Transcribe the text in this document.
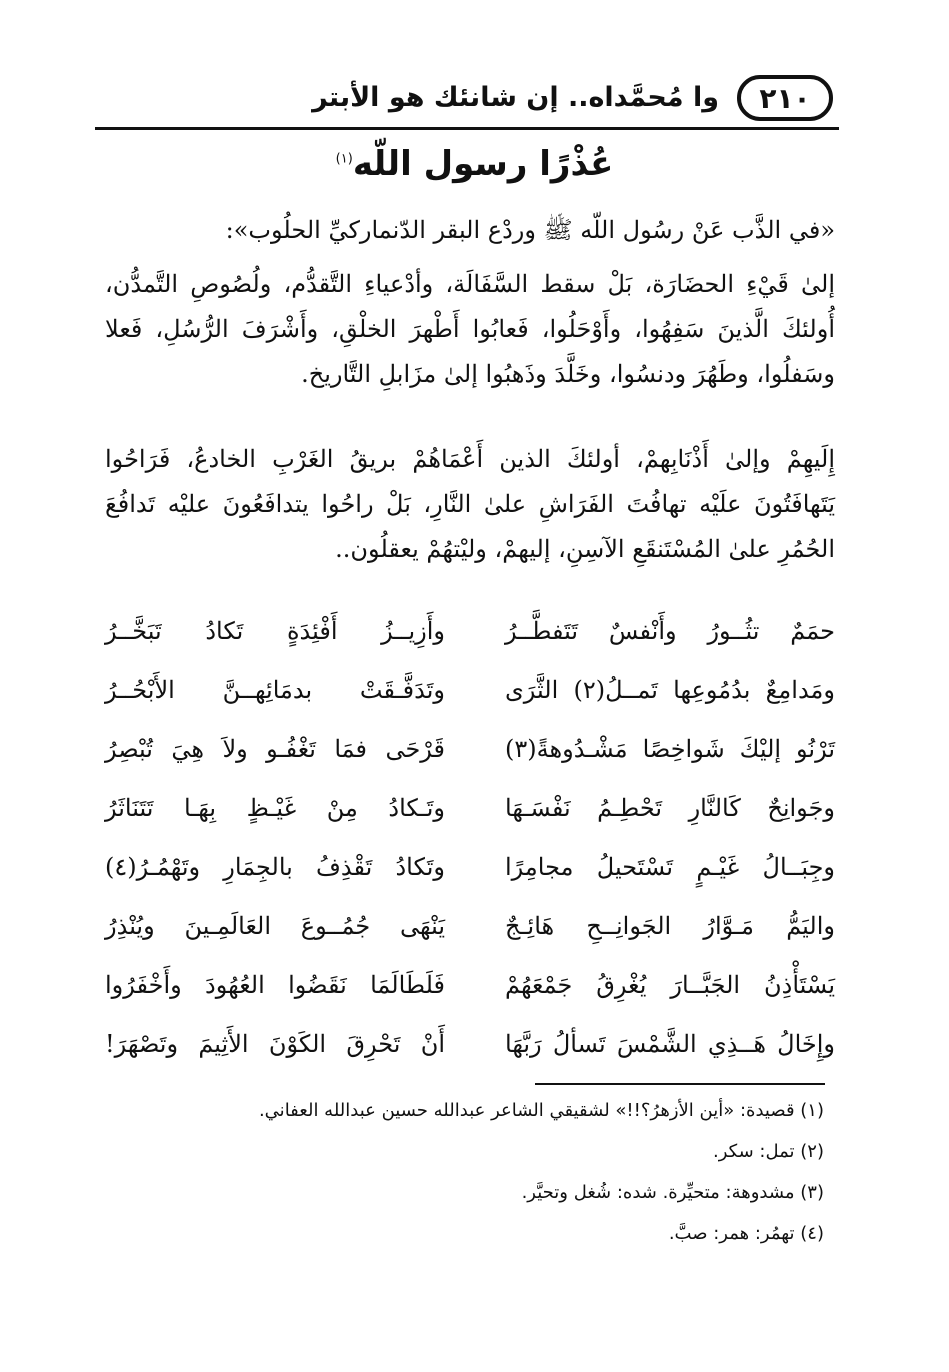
٢١٠
وا مُحمَّداه.. إن شانئك هو الأبتر
عُذْرًا رسول اللّه$^{(١)}$
«في الذَّب عَنْ رسُول اللّه ﷺ وردْع البقر الدّنماركيِّ الحلُوب»:
إلىٰ قَيْءِ الحضَارَة، بَلْ سقط السَّفَالَة، وأدْعياءِ التَّقدُّم، ولُصُوصِ التَّمدُّن، أُولئكَ الَّذينَ سَفِهُوا، وأَوْحَلُوا، فَعابُوا أَطْهرَ الخلْقِ، وأَشْرَفَ الرُّسُلِ، فَعلا وسَفلُوا، وطَهُرَ ودنسُوا، وخَلَّدَ وذَهبُوا إلىٰ مزَابلِ التَّاريخ.
إِلَيهِمْ وإلىٰ أَذْنَابِهمْ، أولئكَ الذين أَعْمَاهُمْ بريقُ الغَرْبِ الخادعُ، فَرَاحُوا يَتَهافَتُونَ علَيْه تهافُتَ الفَرَاشِ علىٰ النَّارِ، بَلْ راحُوا يتدافَعُونَ عليْه تَدافُعَ الحُمُرِ علىٰ المُسْتَنقَعِ الآسِنِ، إليهمْ، وليْتهُمْ يعقلُون..
حمَمٌ تثُــورُ وأَنْفسٌ تَتَفطَّــرُ
وأَزِيــزُ أَفْئِدَةٍ تَكادُ تَبَخَّــرُ
ومَدامِعٌ بدُمُوعِها تَمــلُ(٢) الثَّرَى
وتَدَفَّـقَتْ بدمَائِهــنَّ الأَبْحُــرُ
تَرْنُو إليْكَ شَواخِصًا مَشْـدُوهةً(٣)
قَرْحَى فمَا تَغْفُـو ولاَ هِيَ تُبْصِرُ
وجَوانِحٌ كَالنَّارِ تَحْطِـمُ نَفْسَـهَا
وتَـكادُ مِنْ غَيْـظٍ بِهَـا تَتَنَاثَرُ
وجِبَــالُ غَيْـمٍ تَسْتَحيلُ مجامِرًا
وتَكادُ تَقْذِفُ بالجِمَارِ وتَهْمُـرُ(٤)
واليَمُّ مَـوَّارُ الجَوانِــحِ هَائِـجٌ
يَنْهَى جُمُــوعَ العَالَمِـينَ ويُنْذِرُ
يَسْتَأْذِنُ الجَبَّــارَ يُغْرِقُ جَمْعَهُمْ
فَلَطَالَمَا نَقَضُوا العُهُودَ وأَخْفَرُوا
وإِخَالُ هَــذِي الشَّمْسَ تَسألُ رَبَّهَا
أَنْ تَحْرِقَ الكَوْنَ الأَثِيمَ وتَصْهَرَ!
(١) قصيدة: «أين الأزهرُ؟!!» لشقيقي الشاعر عبدالله حسين عبدالله العفاني.
(٢) تمل: سكر.
(٣) مشدوهة: متحيِّرة. شده: شُغل وتحيَّر.
(٤) تهمُر: همر: صبَّ.
